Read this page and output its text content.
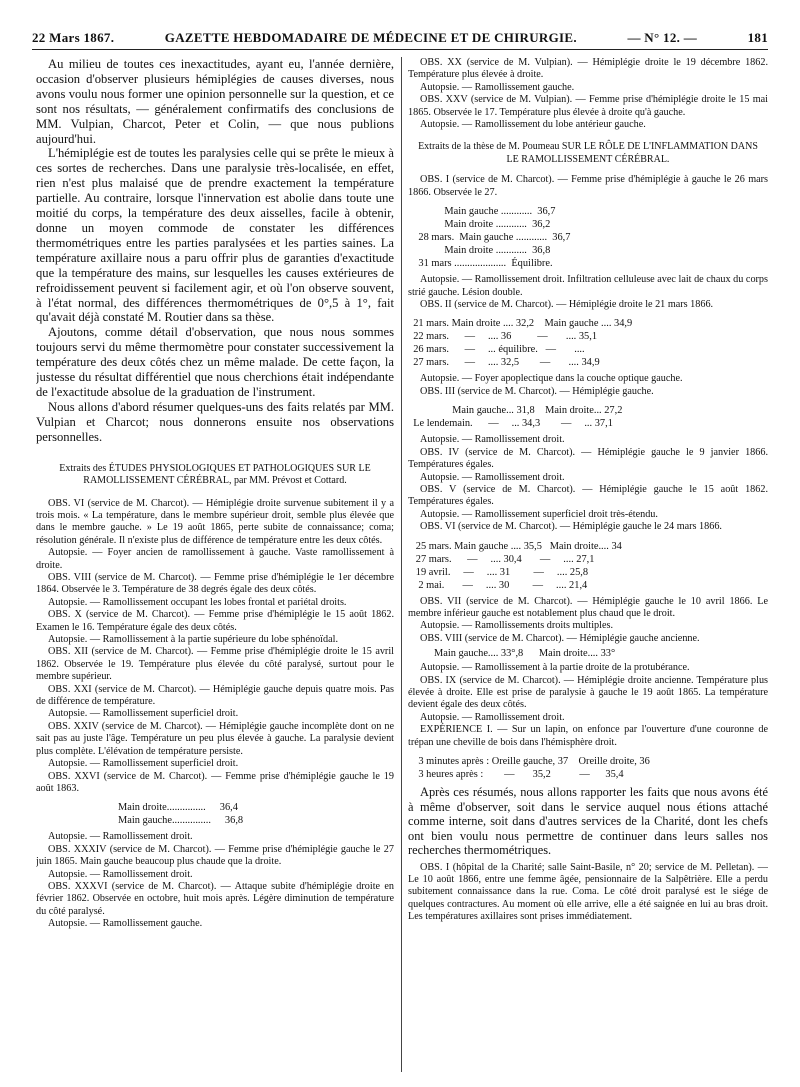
22 Mars 1867.	GAZETTE HEBDOMADAIRE DE MÉDECINE ET DE CHIRURGIE.	— N° 12. —	181

Au milieu de toutes ces inexactitudes, ayant eu, l'année dernière, occasion d'observer plusieurs hémiplégies de causes diverses, nous avons voulu nous former une opinion personnelle sur la question, et ce sont nos résultats, — généralement confirmatifs des conclusions de MM. Vulpian, Charcot, Peter et Colin, — que nous publions aujourd'hui.

L'hémiplégie est de toutes les paralysies celle qui se prête le mieux à ces sortes de recherches. Dans une paralysie très-localisée, en effet, rien n'est plus malaisé que de prendre exactement la température partielle. Au contraire, lorsque l'innervation est abolie dans toute une moitié du corps, la température des deux aisselles, facile à obtenir, donne un moyen commode de constater les différences thermométriques entre les parties paralysées et les parties saines. La température axillaire nous a paru offrir plus de garanties d'exactitude que la température des mains, sur lesquelles les causes extérieures de refroidissement peuvent si facilement agir, et où l'on observe souvent, à l'état normal, des différences thermométriques de 0°,5 à 1°, fait qu'avait déjà constaté M. Routier dans sa thèse.

Ajoutons, comme détail d'observation, que nous nous sommes toujours servi du même thermomètre pour constater successivement la température des deux côtés chez un même malade. De cette façon, la justesse du résultat différentiel que nous cherchions était indépendante de l'exactitude absolue de la graduation de l'instrument.

Nous allons d'abord résumer quelques-uns des faits relatés par MM. Vulpian et Charcot; nous donnerons ensuite nos observations personnelles.

Extraits des ÉTUDES PHYSIOLOGIQUES ET PATHOLOGIQUES SUR LE RAMOLLISSEMENT CÉRÉBRAL, par MM. Prévost et Cottard.

OBS. VI (service de M. Charcot). — Hémiplégie droite survenue subitement il y a trois mois. « La température, dans le membre supérieur droit, semble plus élevée que dans le membre gauche. » Le 19 août 1865, perte subite de connaissance; coma; résolution générale. Il n'existe plus de différence de température entre les deux côtés.

Autopsie. — Foyer ancien de ramollissement à gauche. Vaste ramollissement à droite.

OBS. VIII (service de M. Charcot). — Femme prise d'hémiplégie le 1er décembre 1864. Observée le 3. Température de 38 degrés égale des deux côtés.

Autopsie. — Ramollissement occupant les lobes frontal et pariétal droits.

OBS. X (service de M. Charcot). — Femme prise d'hémiplégie le 15 août 1862. Examen le 16. Température égale des deux côtés.

Autopsie. — Ramollissement à la partie supérieure du lobe sphénoïdal.

OBS. XII (service de M. Charcot). — Femme prise d'hémiplégie droite le 15 avril 1862. Observée le 19. Température plus élevée du côté paralysé, surtout pour le membre supérieur.

OBS. XXI (service de M. Charcot). — Hémiplégie gauche depuis quatre mois. Pas de différence de température.

Autopsie. — Ramollissement superficiel droit.

OBS. XXIV (service de M. Charcot). — Hémiplégie gauche incomplète dont on ne sait pas au juste l'âge. Température un peu plus élevée à gauche. La paralysie devient plus complète. L'élévation de température persiste.

Autopsie. — Ramollissement superficiel droit.

OBS. XXVI (service de M. Charcot). — Femme prise d'hémiplégie gauche le 19 août 1863.

Main droite ............... 36,4
Main gauche ............... 36,8

Autopsie. — Ramollissement droit.

OBS. XXXIV (service de M. Charcot). — Femme prise d'hémiplégie gauche le 27 juin 1865. Main gauche beaucoup plus chaude que la droite.

Autopsie. — Ramollissement droit.

OBS. XXXVI (service de M. Charcot). — Attaque subite d'hémiplégie droite en février 1862. Observée en octobre, huit mois après. Légère diminution de température du côté paralysé.

Autopsie. — Ramollissement gauche.

OBS. XX (service de M. Vulpian). — Hémiplégie droite le 19 décembre 1862. Température plus élevée à droite.

Autopsie. — Ramollissement gauche.

OBS. XXV (service de M. Vulpian). — Femme prise d'hémiplégie droite le 15 mai 1865. Observée le 17. Température plus élevée à droite qu'à gauche.

Autopsie. — Ramollissement du lobe antérieur gauche.

Extraits de la thèse de M. Poumeau SUR LE RÔLE DE L'INFLAMMATION DANS LE RAMOLLISSEMENT CÉRÉBRAL.

OBS. I (service de M. Charcot). — Femme prise d'hémiplégie à gauche le 26 mars 1866. Observée le 27.

Main gauche ............  36,7
Main droite ............  36,2
28 mars.  Main gauche ............  36,7
Main droite ............  36,8
31 mars ....................  Équilibre.

Autopsie. — Ramollissement droit. Infiltration celluleuse avec lait de chaux du corps strié gauche. Lésion double.

OBS. II (service de M. Charcot). — Hémiplégie droite le 21 mars 1866.

21 mars. Main droite .... 32,2    Main gauche .... 34,9
22 mars.      —     .... 36          —       .... 35,1
26 mars.      —     ... équilibre.   —       ....
27 mars.      —     .... 32,5        —       .... 34,9

Autopsie. — Foyer apoplectique dans la couche optique gauche.

OBS. III (service de M. Charcot). — Hémiplégie gauche.

Main gauche... 31,8    Main droite... 27,2
Le lendemain.      —     ... 34,3        —     ... 37,1

Autopsie. — Ramollissement droit.

OBS. IV (service de M. Charcot). — Hémiplégie gauche le 9 janvier 1866. Températures égales.

Autopsie. — Ramollissement droit.

OBS. V (service de M. Charcot). — Hémiplégie gauche le 15 août 1862. Températures égales.

Autopsie. — Ramollissement superficiel droit très-étendu.

OBS. VI (service de M. Charcot). — Hémiplégie gauche le 24 mars 1866.

25 mars. Main gauche .... 35,5   Main droite.... 34
27 mars.      —     .... 30,4       —     .... 27,1
19 avril.     —     .... 31         —     .... 25,8
2 mai.       —     .... 30         —     .... 21,4

OBS. VII (service de M. Charcot). — Hémiplégie gauche le 10 avril 1866. Le membre inférieur gauche est notablement plus chaud que le droit.

Autopsie. — Ramollissements droits multiples.

OBS. VIII (service de M. Charcot). — Hémiplégie gauche ancienne.

Main gauche.... 33°,8      Main droite.... 33°

Autopsie. — Ramollissement à la partie droite de la protubérance.

OBS. IX (service de M. Charcot). — Hémiplégie droite ancienne. Température plus élevée à droite. Elle est prise de paralysie à gauche le 19 août 1865. La température devient égale des deux côtés.

Autopsie. — Ramollissement droit.

EXPÉRIENCE I. — Sur un lapin, on enfonce par l'ouverture d'une couronne de trépan une cheville de bois dans l'hémisphère droit.

3 minutes après : Oreille gauche, 37    Oreille droite, 36
3 heures après :        —       35,2           —      35,4

Après ces résumés, nous allons rapporter les faits que nous avons été à même d'observer, soit dans le service auquel nous étions attaché comme interne, soit dans d'autres services de la Charité, dont les chefs ont bien voulu nous permettre de continuer dans leurs salles nos recherches thermométriques.

OBS. I (hôpital de la Charité; salle Saint-Basile, n° 20; service de M. Pelletan). — Le 10 août 1866, entre une femme âgée, pensionnaire de la Salpêtrière. Elle a perdu subitement connaissance dans la rue. Coma. Le côté droit paralysé est le siége de quelques contractures. Au moment où elle arrive, elle a été saignée en lui au bras droit. Les températures axillaires sont prises immédiatement.
